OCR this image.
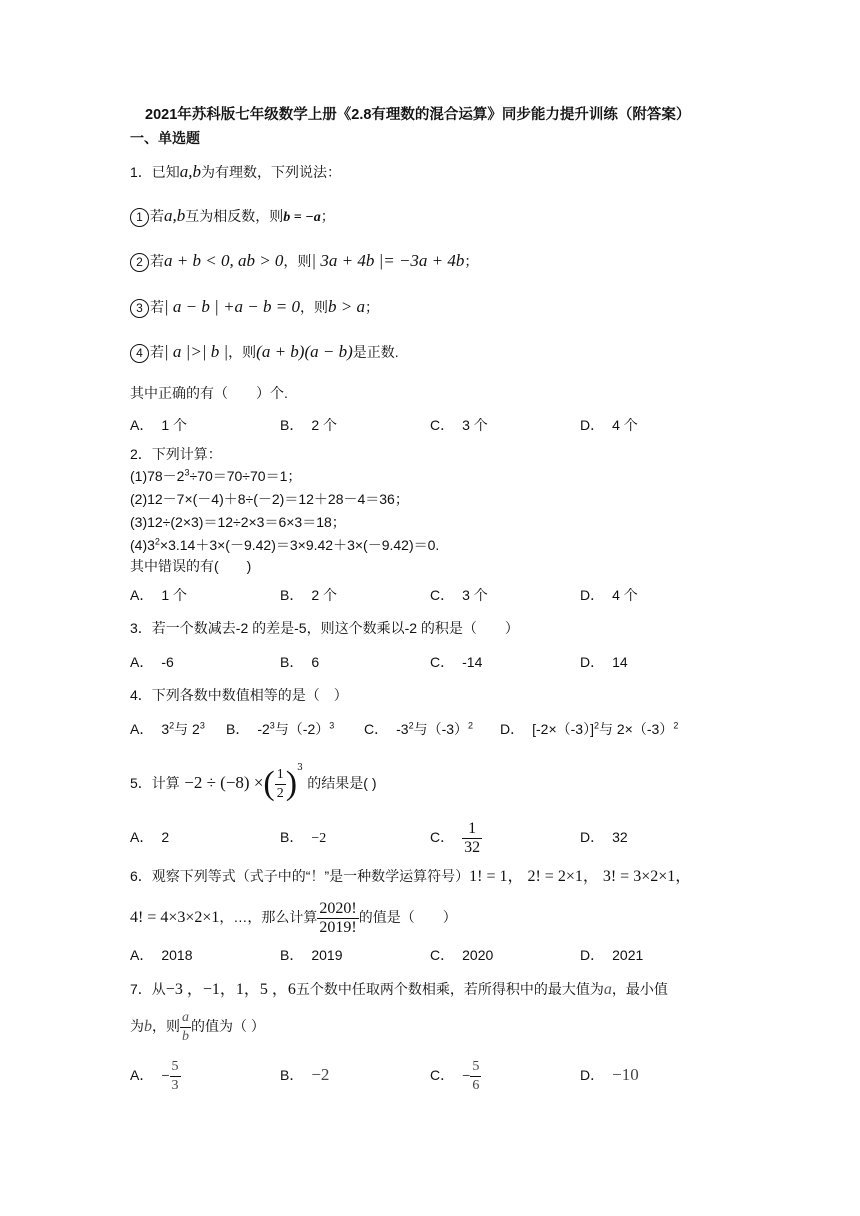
2021年苏科版七年级数学上册《2.8有理数的混合运算》同步能力提升训练（附答案）
一、单选题
1．已知a,b为有理数，下列说法：
1 若a,b互为相反数，则b = −a；
2 若a + b < 0, ab > 0，则| 3a + 4b |= −3a + 4b；
3 若| a − b | +a − b = 0，则b > a；
4 若| a |>| b |，则(a + b)(a − b)是正数.
其中正确的有（　　）个.
A． 1 个	B． 2 个	C． 3 个	D． 4 个
2．下列计算：
$(1)78-2^3\div 70=70\div 70=1$；
(2)12－7×(－4)＋8÷(－2)＝12＋28－4＝36；
(3)12÷(2×3)＝12÷2×3＝6×3＝18；
$(4)3^2\times 3.14+3\times(-9.42)=3\times 9.42+3\times(-9.42)=0$.
其中错误的有(　　)
A． 1 个	B． 2 个	C． 3 个	D． 4 个
3．若一个数减去-2 的差是-5，则这个数乘以-2 的积是（　　）
A． -6	B． 6	C． -14	D． 14
4．下列各数中数值相等的是（　）
A． $3^2$与 $2^3$ B． $-2^3$与$(-2)^3$ C． $-3^2$与$(-3)^2$ D． $[-2\times(-3)]^2$与 $2\times(-3)^2$
5．计算 −2 ÷ (−8) ×( $\frac{1}{2} )^3$ 的结果是( )
A． 2	B． −2	C． $\frac{1}{32}$	D． 32
6．观察下列等式（式子中的“！”是一种数学运算符号）1! = 1， 2! = 2×1， 3! = 3×2×1，
4! = 4×3×2×1，…，那么计算 $\frac{2020!}{2019!}$ 的值是（　　）
A． 2018	B． 2019	C． 2020	D． 2021
7．从−3 ，−1，1，5 ，6五个数中任取两个数相乘，若所得积中的最大值为a，最小值
为b，则 $\frac{a}{b}$ 的值为（ ）
A． − $\frac{5}{3}$	B． −2	C． − $\frac{5}{6}$	D． −10
